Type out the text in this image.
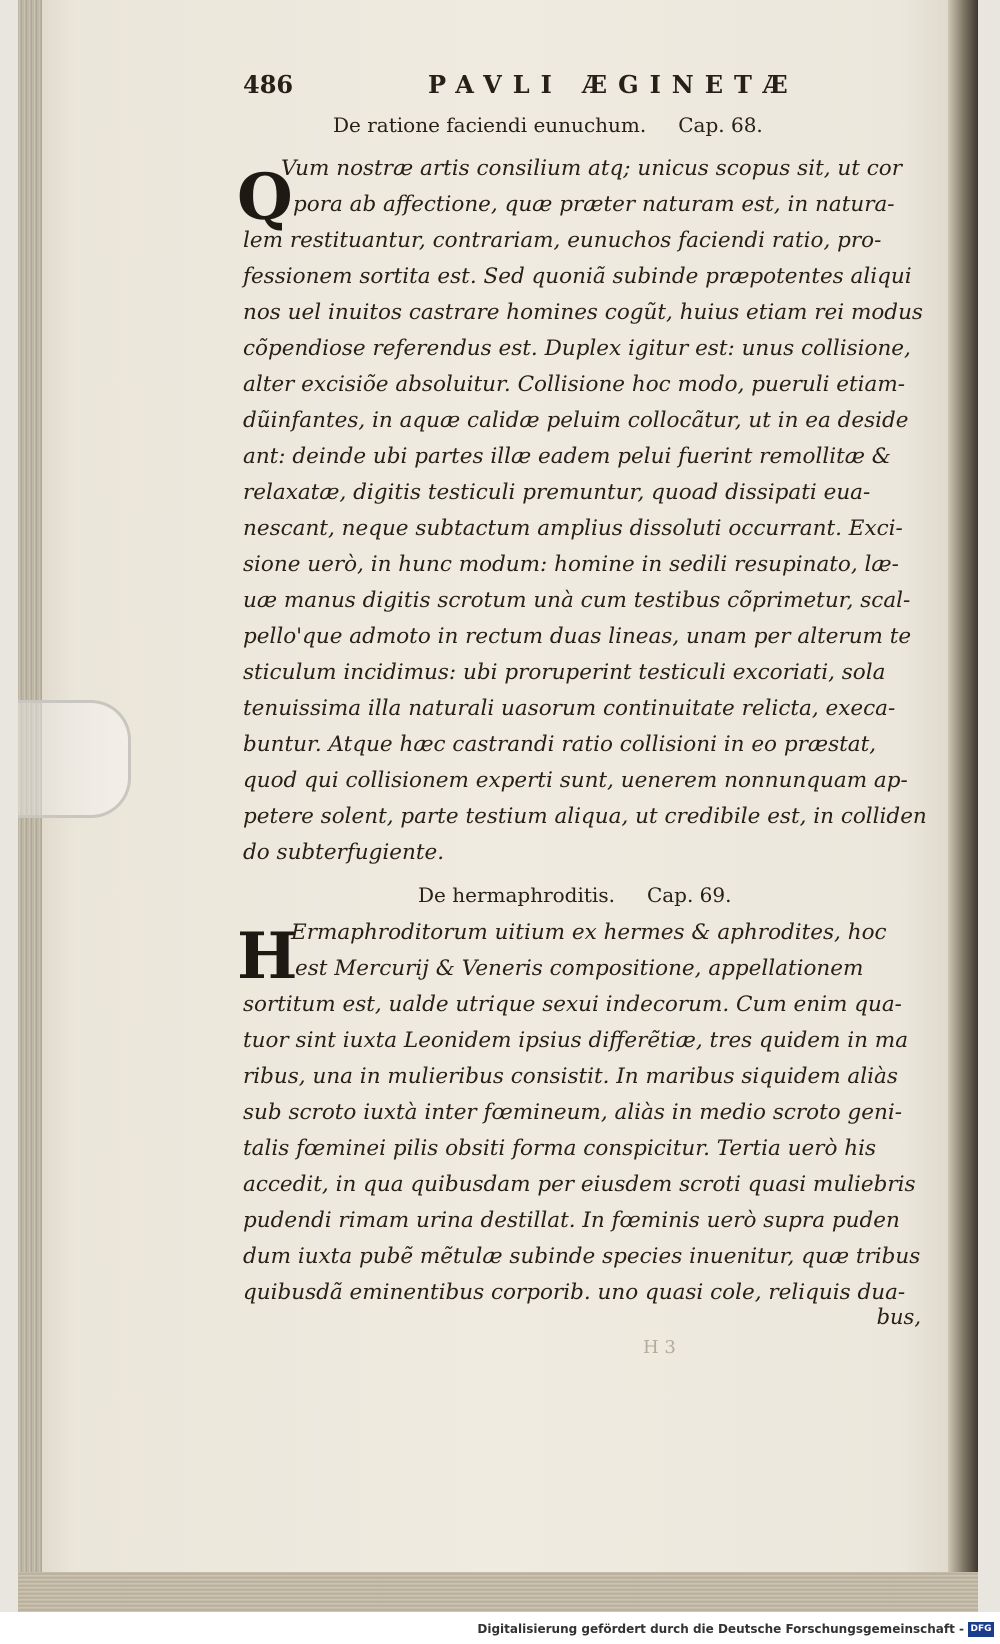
486	PAVLI ÆGINETÆ
De ratione faciendi eunuchum. Cap. 68.
Q
Vum nostræ artis consilium atq; unicus scopus sit, ut cor
pora ab affectione, quæ præter naturam est, in natura-
lem restituantur, contrariam, eunuchos faciendi ratio, pro-
fessionem sortita est. Sed quoniã subinde præpotentes aliqui
nos uel inuitos castrare homines cogũt, huius etiam rei modus
cõpendiose referendus est. Duplex igitur est: unus collisione,
alter excisiõe absoluitur. Collisione hoc modo, pueruli etiam-
dũinfantes, in aquæ calidæ peluim collocãtur, ut in ea deside
ant: deinde ubi partes illæ eadem pelui fuerint remollitæ &
relaxatæ, digitis testiculi premuntur, quoad dissipati eua-
nescant, neque subtactum amplius dissoluti occurrant. Exci-
sione uerò, in hunc modum: homine in sedili resupinato, læ-
uæ manus digitis scrotum unà cum testibus cõprimetur, scal-
pello'que admoto in rectum duas lineas, unam per alterum te
sticulum incidimus: ubi proruperint testiculi excoriati, sola
tenuissima illa naturali uasorum continuitate relicta, execa-
buntur. Atque hæc castrandi ratio collisioni in eo præstat,
quod qui collisionem experti sunt, uenerem nonnunquam ap-
petere solent, parte testium aliqua, ut credibile est, in colliden
do subterfugiente.
De hermaphroditis. Cap. 69.
H
Ermaphroditorum uitium ex hermes & aphrodites, hoc
est Mercurij & Veneris compositione, appellationem
sortitum est, ualde utrique sexui indecorum. Cum enim qua-
tuor sint iuxta Leonidem ipsius differẽtiæ, tres quidem in ma
ribus, una in mulieribus consistit. In maribus siquidem aliàs
sub scroto iuxtà inter fœmineum, aliàs in medio scroto geni-
talis fœminei pilis obsiti forma conspicitur. Tertia uerò his
accedit, in qua quibusdam per eiusdem scroti quasi muliebris
pudendi rimam urina destillat. In fœminis uerò supra puden
dum iuxta pubẽ mẽtulæ subinde species inuenitur, quæ tribus
quibusdã eminentibus corporib. uno quasi cole, reliquis dua-
bus,
H 3
Digitalisierung gefördert durch die Deutsche Forschungsgemeinschaft - DFG
